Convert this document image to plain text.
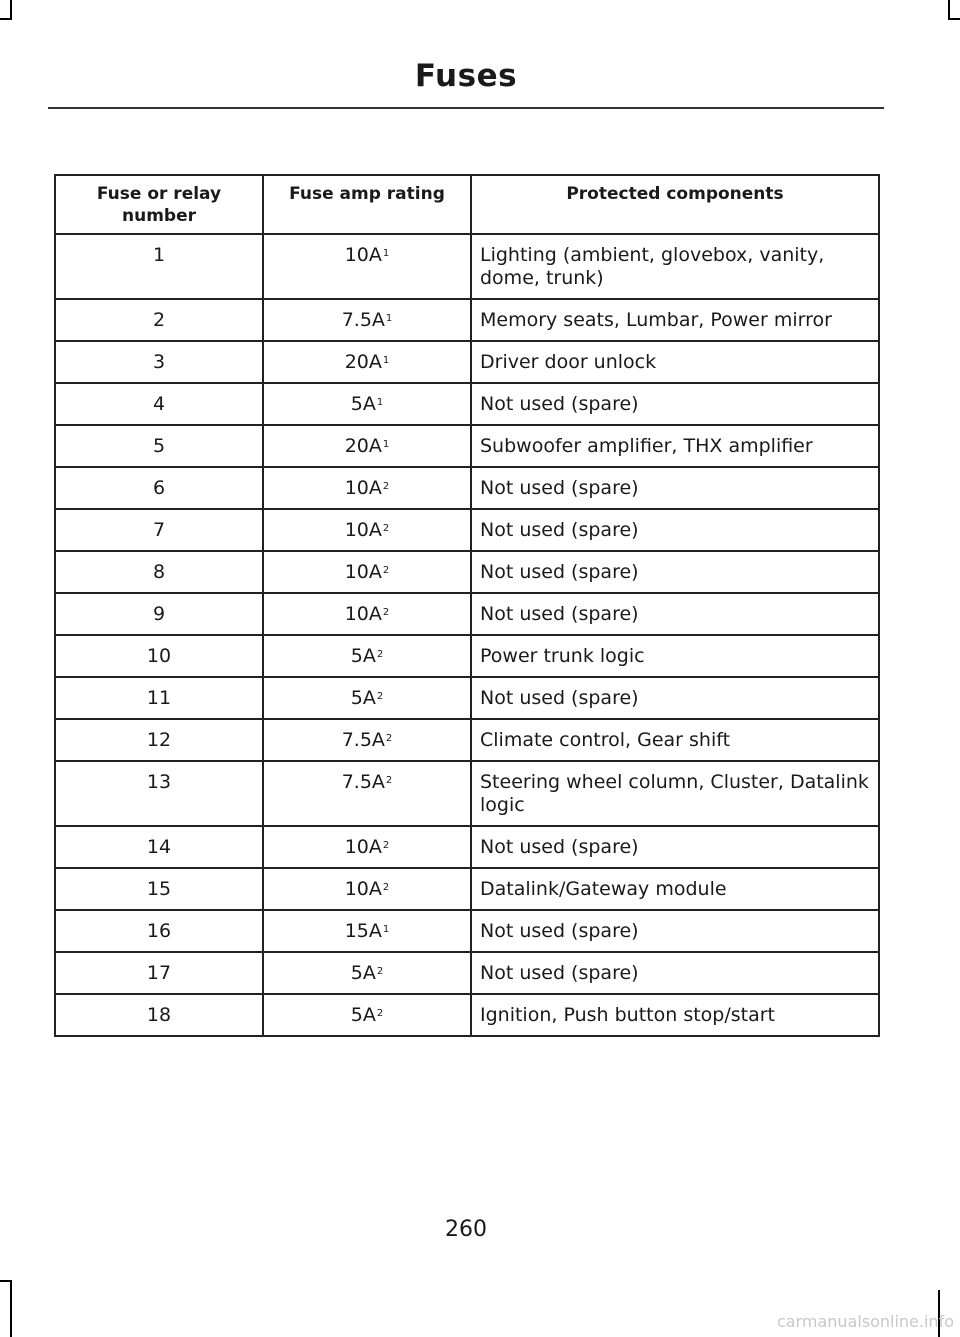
Fuses
Fuse or relay number	Fuse amp rating	Protected components
1	$10A^1$	Lighting (ambient, glovebox, vanity, dome, trunk)
2	$7.5A^1$	Memory seats, Lumbar, Power mirror
3	$20A^1$	Driver door unlock
4	$5A^1$	Not used (spare)
5	$20A^1$	Subwoofer amplifier, THX amplifier
6	$10A^2$	Not used (spare)
7	$10A^2$	Not used (spare)
8	$10A^2$	Not used (spare)
9	$10A^2$	Not used (spare)
10	$5A^2$	Power trunk logic
11	$5A^2$	Not used (spare)
12	$7.5A^2$	Climate control, Gear shift
13	$7.5A^2$	Steering wheel column, Cluster, Datalink logic
14	$10A^2$	Not used (spare)
15	$10A^2$	Datalink/Gateway module
16	$15A^1$	Not used (spare)
17	$5A^2$	Not used (spare)
18	$5A^2$	Ignition, Push button stop/start
260
carmanualsonline.info
